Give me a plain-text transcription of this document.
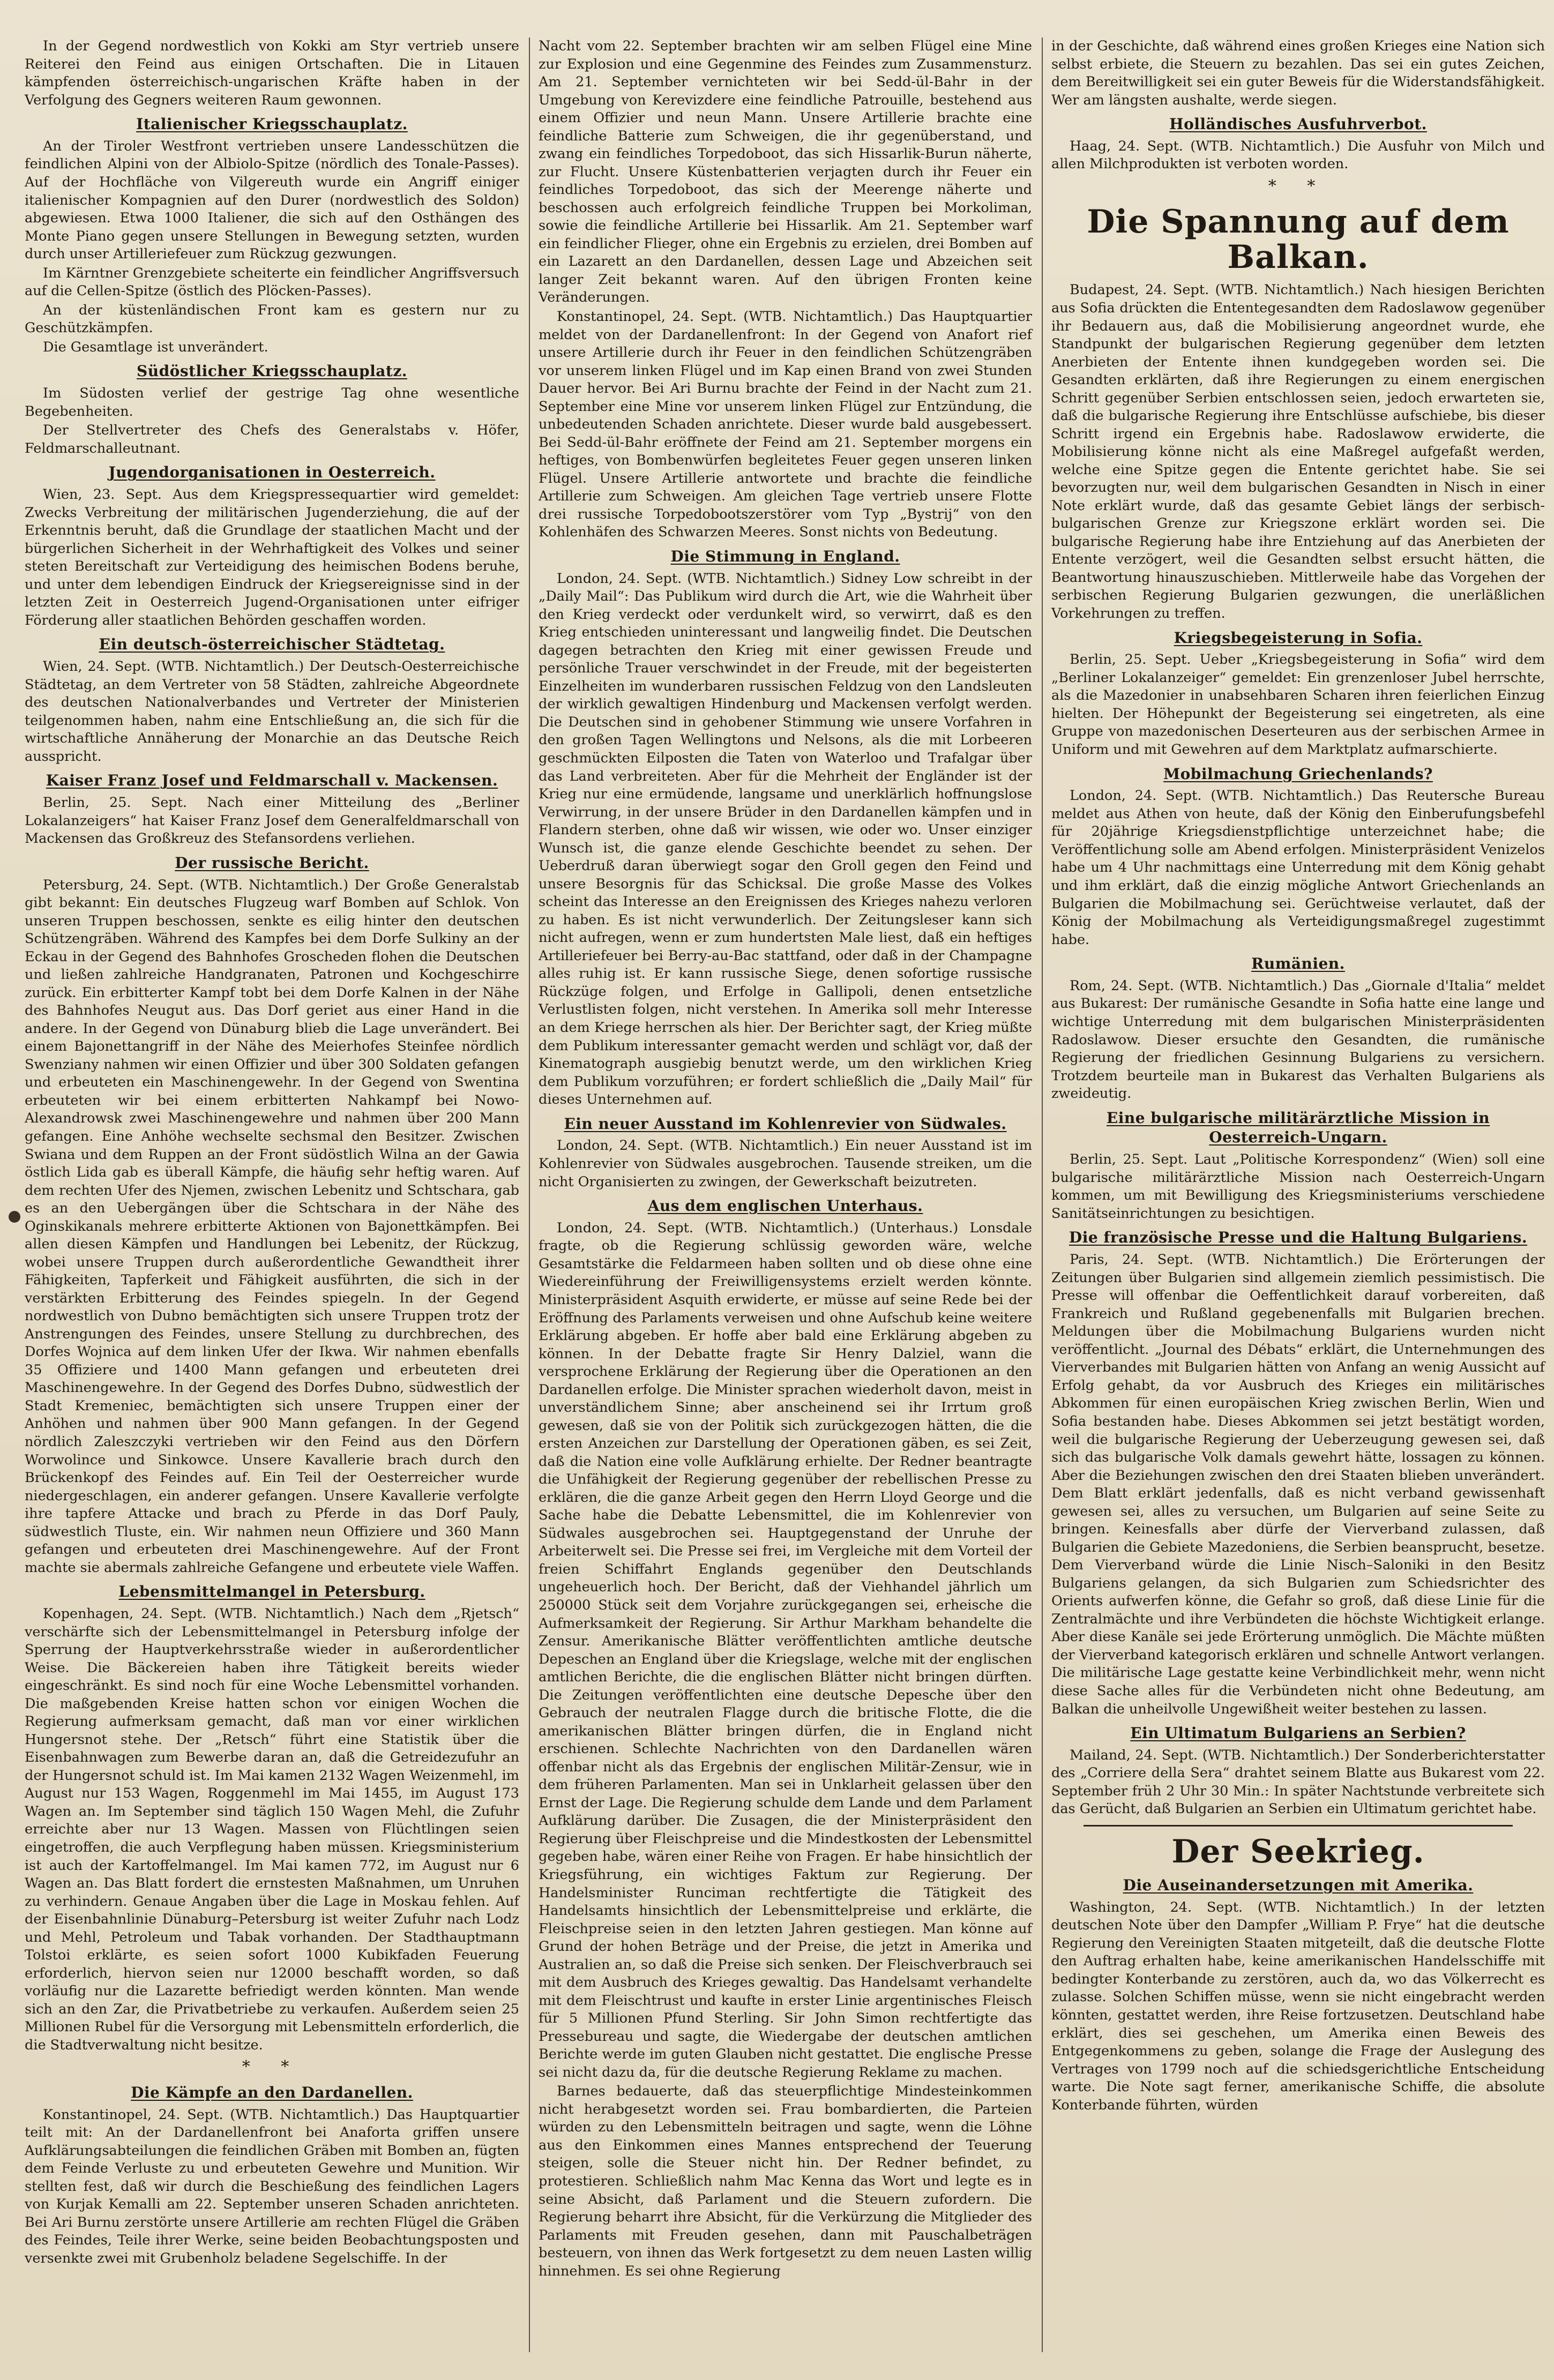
In der Gegend nordwestlich von Kokki am Styr vertrieb unsere Reiterei den Feind aus einigen Ortschaften. Die in Litauen kämpfenden österreichisch-ungarischen Kräfte haben in der Verfolgung des Gegners weiteren Raum gewonnen.

Italienischer Kriegsschauplatz.

An der Tiroler Westfront vertrieben unsere Landesschützen die feindlichen Alpini von der Albiolo-Spitze (nördlich des Tonale-Passes). Auf der Hochfläche von Vilgereuth wurde ein Angriff einiger italienischer Kompagnien auf den Durer (nordwestlich des Soldon) abgewiesen. Etwa 1000 Italiener, die sich auf den Osthängen des Monte Piano gegen unsere Stellungen in Bewegung setzten, wurden durch unser Artilleriefeuer zum Rückzug gezwungen.

Im Kärntner Grenzgebiete scheiterte ein feindlicher Angriffsversuch auf die Cellen-Spitze (östlich des Plöcken-Passes).

An der küstenländischen Front kam es gestern nur zu Geschützkämpfen.

Die Gesamtlage ist unverändert.

Südöstlicher Kriegsschauplatz.

Im Südosten verlief der gestrige Tag ohne wesentliche Begebenheiten.

Der Stellvertreter des Chefs des Generalstabs v. Höfer, Feldmarschalleutnant.

Jugendorganisationen in Oesterreich.

Wien, 23. Sept. Aus dem Kriegspressequartier wird gemeldet: Zwecks Verbreitung der militärischen Jugenderziehung, die auf der Erkenntnis beruht, daß die Grundlage der staatlichen Macht und der bürgerlichen Sicherheit in der Wehrhaftigkeit des Volkes und seiner steten Bereitschaft zur Verteidigung des heimischen Bodens beruhe, und unter dem lebendigen Eindruck der Kriegsereignisse sind in der letzten Zeit in Oesterreich Jugend-Organisationen unter eifriger Förderung aller staatlichen Behörden geschaffen worden.

Ein deutsch-österreichischer Städtetag.

Wien, 24. Sept. (WTB. Nichtamtlich.) Der Deutsch-Oesterreichische Städtetag, an dem Vertreter von 58 Städten, zahlreiche Abgeordnete des deutschen Nationalverbandes und Vertreter der Ministerien teilgenommen haben, nahm eine Entschließung an, die sich für die wirtschaftliche Annäherung der Monarchie an das Deutsche Reich ausspricht.

Kaiser Franz Josef und Feldmarschall v. Mackensen.

Berlin, 25. Sept. Nach einer Mitteilung des „Berliner Lokalanzeigers“ hat Kaiser Franz Josef dem Generalfeldmarschall von Mackensen das Großkreuz des Stefansordens verliehen.

Der russische Bericht.

Petersburg, 24. Sept. (WTB. Nichtamtlich.) Der Große Generalstab gibt bekannt: Ein deutsches Flugzeug warf Bomben auf Schlok. Von unseren Truppen beschossen, senkte es eilig hinter den deutschen Schützengräben. Während des Kampfes bei dem Dorfe Sulkiny an der Eckau in der Gegend des Bahnhofes Groscheden flohen die Deutschen und ließen zahlreiche Handgranaten, Patronen und Kochgeschirre zurück. Ein erbitterter Kampf tobt bei dem Dorfe Kalnen in der Nähe des Bahnhofes Neugut aus. Das Dorf geriet aus einer Hand in die andere. In der Gegend von Dünaburg blieb die Lage unverändert. Bei einem Bajonettangriff in der Nähe des Meierhofes Steinfee nördlich Swenziany nahmen wir einen Offizier und über 300 Soldaten gefangen und erbeuteten ein Maschinengewehr. In der Gegend von Swentina erbeuteten wir bei einem erbitterten Nahkampf bei Nowo-Alexandrowsk zwei Maschinengewehre und nahmen über 200 Mann gefangen. Eine Anhöhe wechselte sechsmal den Besitzer. Zwischen Swiana und dem Ruppen an der Front südöstlich Wilna an der Gawia östlich Lida gab es überall Kämpfe, die häufig sehr heftig waren. Auf dem rechten Ufer des Njemen, zwischen Lebenitz und Schtschara, gab es an den Uebergängen über die Schtschara in der Nähe des Oginskikanals mehrere erbitterte Aktionen von Bajonettkämpfen. Bei allen diesen Kämpfen und Handlungen bei Lebenitz, der Rückzug, wobei unsere Truppen durch außerordentliche Gewandtheit ihrer Fähigkeiten, Tapferkeit und Fähigkeit ausführten, die sich in der verstärkten Erbitterung des Feindes spiegeln. In der Gegend nordwestlich von Dubno bemächtigten sich unsere Truppen trotz der Anstrengungen des Feindes, unsere Stellung zu durchbrechen, des Dorfes Wojnica auf dem linken Ufer der Ikwa. Wir nahmen ebenfalls 35 Offiziere und 1400 Mann gefangen und erbeuteten drei Maschinengewehre. In der Gegend des Dorfes Dubno, südwestlich der Stadt Kremeniec, bemächtigten sich unsere Truppen einer der Anhöhen und nahmen über 900 Mann gefangen. In der Gegend nördlich Zaleszczyki vertrieben wir den Feind aus den Dörfern Worwolince und Sinkowce. Unsere Kavallerie brach durch den Brückenkopf des Feindes auf. Ein Teil der Oesterreicher wurde niedergeschlagen, ein anderer gefangen. Unsere Kavallerie verfolgte ihre tapfere Attacke und brach zu Pferde in das Dorf Pauly, südwestlich Tluste, ein. Wir nahmen neun Offiziere und 360 Mann gefangen und erbeuteten drei Maschinengewehre. Auf der Front machte sie abermals zahlreiche Gefangene und erbeutete viele Waffen.

Lebensmittelmangel in Petersburg.

Kopenhagen, 24. Sept. (WTB. Nichtamtlich.) Nach dem „Rjetsch“ verschärfte sich der Lebensmittelmangel in Petersburg infolge der Sperrung der Hauptverkehrsstraße wieder in außerordentlicher Weise. Die Bäckereien haben ihre Tätigkeit bereits wieder eingeschränkt. Es sind noch für eine Woche Lebensmittel vorhanden. Die maßgebenden Kreise hatten schon vor einigen Wochen die Regierung aufmerksam gemacht, daß man vor einer wirklichen Hungersnot stehe. Der „Retsch“ führt eine Statistik über die Eisenbahnwagen zum Bewerbe daran an, daß die Getreidezufuhr an der Hungersnot schuld ist. Im Mai kamen 2132 Wagen Weizenmehl, im August nur 153 Wagen, Roggenmehl im Mai 1455, im August 173 Wagen an. Im September sind täglich 150 Wagen Mehl, die Zufuhr erreichte aber nur 13 Wagen. Massen von Flüchtlingen seien eingetroffen, die auch Verpflegung haben müssen. Kriegsministerium ist auch der Kartoffelmangel. Im Mai kamen 772, im August nur 6 Wagen an. Das Blatt fordert die ernstesten Maßnahmen, um Unruhen zu verhindern. Genaue Angaben über die Lage in Moskau fehlen. Auf der Eisenbahnlinie Dünaburg–Petersburg ist weiter Zufuhr nach Lodz und Mehl, Petroleum und Tabak vorhanden. Der Stadthauptmann Tolstoi erklärte, es seien sofort 1000 Kubikfaden Feuerung erforderlich, hiervon seien nur 12000 beschafft worden, so daß vorläufig nur die Lazarette befriedigt werden könnten. Man wende sich an den Zar, die Privatbetriebe zu verkaufen. Außerdem seien 25 Millionen Rubel für die Versorgung mit Lebensmitteln erforderlich, die die Stadtverwaltung nicht besitze.

* *
Die Kämpfe an den Dardanellen.

Konstantinopel, 24. Sept. (WTB. Nichtamtlich.) Das Hauptquartier teilt mit: An der Dardanellenfront bei Anaforta griffen unsere Aufklärungsabteilungen die feindlichen Gräben mit Bomben an, fügten dem Feinde Verluste zu und erbeuteten Gewehre und Munition. Wir stellten fest, daß wir durch die Beschießung des feindlichen Lagers von Kurjak Kemalli am 22. September unseren Schaden anrichteten. Bei Ari Burnu zerstörte unsere Artillerie am rechten Flügel die Gräben des Feindes, Teile ihrer Werke, seine beiden Beobachtungsposten und versenkte zwei mit Grubenholz beladene Segelschiffe. In der

Nacht vom 22. September brachten wir am selben Flügel eine Mine zur Explosion und eine Gegenmine des Feindes zum Zusammensturz. Am 21. September vernichteten wir bei Sedd-ül-Bahr in der Umgebung von Kerevizdere eine feindliche Patrouille, bestehend aus einem Offizier und neun Mann. Unsere Artillerie brachte eine feindliche Batterie zum Schweigen, die ihr gegenüberstand, und zwang ein feindliches Torpedoboot, das sich Hissarlik-Burun näherte, zur Flucht. Unsere Küstenbatterien verjagten durch ihr Feuer ein feindliches Torpedoboot, das sich der Meerenge näherte und beschossen auch erfolgreich feindliche Truppen bei Morkoliman, sowie die feindliche Artillerie bei Hissarlik. Am 21. September warf ein feindlicher Flieger, ohne ein Ergebnis zu erzielen, drei Bomben auf ein Lazarett an den Dardanellen, dessen Lage und Abzeichen seit langer Zeit bekannt waren. Auf den übrigen Fronten keine Veränderungen.

Konstantinopel, 24. Sept. (WTB. Nichtamtlich.) Das Hauptquartier meldet von der Dardanellenfront: In der Gegend von Anafort rief unsere Artillerie durch ihr Feuer in den feindlichen Schützengräben vor unserem linken Flügel und im Kap einen Brand von zwei Stunden Dauer hervor. Bei Ari Burnu brachte der Feind in der Nacht zum 21. September eine Mine vor unserem linken Flügel zur Entzündung, die unbedeutenden Schaden anrichtete. Dieser wurde bald ausgebessert. Bei Sedd-ül-Bahr eröffnete der Feind am 21. September morgens ein heftiges, von Bombenwürfen begleitetes Feuer gegen unseren linken Flügel. Unsere Artillerie antwortete und brachte die feindliche Artillerie zum Schweigen. Am gleichen Tage vertrieb unsere Flotte drei russische Torpedobootszerstörer vom Typ „Bystrij“ von den Kohlenhäfen des Schwarzen Meeres. Sonst nichts von Bedeutung.

Die Stimmung in England.

London, 24. Sept. (WTB. Nichtamtlich.) Sidney Low schreibt in der „Daily Mail“: Das Publikum wird durch die Art, wie die Wahrheit über den Krieg verdeckt oder verdunkelt wird, so verwirrt, daß es den Krieg entschieden uninteressant und langweilig findet. Die Deutschen dagegen betrachten den Krieg mit einer gewissen Freude und persönliche Trauer verschwindet in der Freude, mit der begeisterten Einzelheiten im wunderbaren russischen Feldzug von den Landsleuten der wirklich gewaltigen Hindenburg und Mackensen verfolgt werden. Die Deutschen sind in gehobener Stimmung wie unsere Vorfahren in den großen Tagen Wellingtons und Nelsons, als die mit Lorbeeren geschmückten Eilposten die Taten von Waterloo und Trafalgar über das Land verbreiteten. Aber für die Mehrheit der Engländer ist der Krieg nur eine ermüdende, langsame und unerklärlich hoffnungslose Verwirrung, in der unsere Brüder in den Dardanellen kämpfen und in Flandern sterben, ohne daß wir wissen, wie oder wo. Unser einziger Wunsch ist, die ganze elende Geschichte beendet zu sehen. Der Ueberdruß daran überwiegt sogar den Groll gegen den Feind und unsere Besorgnis für das Schicksal. Die große Masse des Volkes scheint das Interesse an den Ereignissen des Krieges nahezu verloren zu haben. Es ist nicht verwunderlich. Der Zeitungsleser kann sich nicht aufregen, wenn er zum hundertsten Male liest, daß ein heftiges Artilleriefeuer bei Berry-au-Bac stattfand, oder daß in der Champagne alles ruhig ist. Er kann russische Siege, denen sofortige russische Rückzüge folgen, und Erfolge in Gallipoli, denen entsetzliche Verlustlisten folgen, nicht verstehen. In Amerika soll mehr Interesse an dem Kriege herrschen als hier. Der Berichter sagt, der Krieg müßte dem Publikum interessanter gemacht werden und schlägt vor, daß der Kinematograph ausgiebig benutzt werde, um den wirklichen Krieg dem Publikum vorzuführen; er fordert schließlich die „Daily Mail“ für dieses Unternehmen auf.

Ein neuer Ausstand im Kohlenrevier von Südwales.

London, 24. Sept. (WTB. Nichtamtlich.) Ein neuer Ausstand ist im Kohlenrevier von Südwales ausgebrochen. Tausende streiken, um die nicht Organisierten zu zwingen, der Gewerkschaft beizutreten.

Aus dem englischen Unterhaus.

London, 24. Sept. (WTB. Nichtamtlich.) (Unterhaus.) Lonsdale fragte, ob die Regierung schlüssig geworden wäre, welche Gesamtstärke die Feldarmeen haben sollten und ob diese ohne eine Wiedereinführung der Freiwilligensystems erzielt werden könnte. Ministerpräsident Asquith erwiderte, er müsse auf seine Rede bei der Eröffnung des Parlaments verweisen und ohne Aufschub keine weitere Erklärung abgeben. Er hoffe aber bald eine Erklärung abgeben zu können. In der Debatte fragte Sir Henry Dalziel, wann die versprochene Erklärung der Regierung über die Operationen an den Dardanellen erfolge. Die Minister sprachen wiederholt davon, meist in unverständlichem Sinne; aber anscheinend sei ihr Irrtum groß gewesen, daß sie von der Politik sich zurückgezogen hätten, die die ersten Anzeichen zur Darstellung der Operationen gäben, es sei Zeit, daß die Nation eine volle Aufklärung erhielte. Der Redner beantragte die Unfähigkeit der Regierung gegenüber der rebellischen Presse zu erklären, die die ganze Arbeit gegen den Herrn Lloyd George und die Sache habe die Debatte Lebensmittel, die im Kohlenrevier von Südwales ausgebrochen sei. Hauptgegenstand der Unruhe der Arbeiterwelt sei. Die Presse sei frei, im Vergleiche mit dem Vorteil der freien Schiffahrt Englands gegenüber den Deutschlands ungeheuerlich hoch. Der Bericht, daß der Viehhandel jährlich um 250000 Stück seit dem Vorjahre zurückgegangen sei, erheische die Aufmerksamkeit der Regierung. Sir Arthur Markham behandelte die Zensur. Amerikanische Blätter veröffentlichten amtliche deutsche Depeschen an England über die Kriegslage, welche mit der englischen amtlichen Berichte, die die englischen Blätter nicht bringen dürften. Die Zeitungen veröffentlichten eine deutsche Depesche über den Gebrauch der neutralen Flagge durch die britische Flotte, die die amerikanischen Blätter bringen dürfen, die in England nicht erschienen. Schlechte Nachrichten von den Dardanellen wären offenbar nicht als das Ergebnis der englischen Militär-Zensur, wie in dem früheren Parlamenten. Man sei in Unklarheit gelassen über den Ernst der Lage. Die Regierung schulde dem Lande und dem Parlament Aufklärung darüber. Die Zusagen, die der Ministerpräsident den Regierung über Fleischpreise und die Mindestkosten der Lebensmittel gegeben habe, wären einer Reihe von Fragen. Er habe hinsichtlich der Kriegsführung, ein wichtiges Faktum zur Regierung. Der Handelsminister Runciman rechtfertigte die Tätigkeit des Handelsamts hinsichtlich der Lebensmittelpreise und erklärte, die Fleischpreise seien in den letzten Jahren gestiegen. Man könne auf Grund der hohen Beträge und der Preise, die jetzt in Amerika und Australien an, so daß die Preise sich senken. Der Fleischverbrauch sei mit dem Ausbruch des Krieges gewaltig. Das Handelsamt verhandelte mit dem Fleischtrust und kaufte in erster Linie argentinisches Fleisch für 5 Millionen Pfund Sterling. Sir John Simon rechtfertigte das Pressebureau und sagte, die Wiedergabe der deutschen amtlichen Berichte werde im guten Glauben nicht gestattet. Die englische Presse sei nicht dazu da, für die deutsche Regierung Reklame zu machen.

Barnes bedauerte, daß das steuerpflichtige Mindesteinkommen nicht herabgesetzt worden sei. Frau bombardierten, die Parteien würden zu den Lebensmitteln beitragen und sagte, wenn die Löhne aus den Einkommen eines Mannes entsprechend der Teuerung steigen, solle die Steuer nicht hin. Der Redner befindet, zu protestieren. Schließlich nahm Mac Kenna das Wort und legte es in seine Absicht, daß Parlament und die Steuern zufordern. Die Regierung beharrt ihre Absicht, für die Verkürzung die Mitglieder des Parlaments mit Freuden gesehen, dann mit Pauschalbeträgen besteuern, von ihnen das Werk fortgesetzt zu dem neuen Lasten willig hinnehmen. Es sei ohne Regierung

in der Geschichte, daß während eines großen Krieges eine Nation sich selbst erbiete, die Steuern zu bezahlen. Das sei ein gutes Zeichen, dem Bereitwilligkeit sei ein guter Beweis für die Widerstandsfähigkeit. Wer am längsten aushalte, werde siegen.

Holländisches Ausfuhrverbot.

Haag, 24. Sept. (WTB. Nichtamtlich.) Die Ausfuhr von Milch und allen Milchprodukten ist verboten worden.

* *
Die Spannung auf dem Balkan.

Budapest, 24. Sept. (WTB. Nichtamtlich.) Nach hiesigen Berichten aus Sofia drückten die Ententegesandten dem Radoslawow gegenüber ihr Bedauern aus, daß die Mobilisierung angeordnet wurde, ehe Standpunkt der bulgarischen Regierung gegenüber dem letzten Anerbieten der Entente ihnen kundgegeben worden sei. Die Gesandten erklärten, daß ihre Regierungen zu einem energischen Schritt gegenüber Serbien entschlossen seien, jedoch erwarteten sie, daß die bulgarische Regierung ihre Entschlüsse aufschiebe, bis dieser Schritt irgend ein Ergebnis habe. Radoslawow erwiderte, die Mobilisierung könne nicht als eine Maßregel aufgefaßt werden, welche eine Spitze gegen die Entente gerichtet habe. Sie sei bevorzugten nur, weil dem bulgarischen Gesandten in Nisch in einer Note erklärt wurde, daß das gesamte Gebiet längs der serbisch-bulgarischen Grenze zur Kriegszone erklärt worden sei. Die bulgarische Regierung habe ihre Entziehung auf das Anerbieten der Entente verzögert, weil die Gesandten selbst ersucht hätten, die Beantwortung hinauszuschieben. Mittlerweile habe das Vorgehen der serbischen Regierung Bulgarien gezwungen, die unerläßlichen Vorkehrungen zu treffen.

Kriegsbegeisterung in Sofia.

Berlin, 25. Sept. Ueber „Kriegsbegeisterung in Sofia“ wird dem „Berliner Lokalanzeiger“ gemeldet: Ein grenzenloser Jubel herrschte, als die Mazedonier in unabsehbaren Scharen ihren feierlichen Einzug hielten. Der Höhepunkt der Begeisterung sei eingetreten, als eine Gruppe von mazedonischen Deserteuren aus der serbischen Armee in Uniform und mit Gewehren auf dem Marktplatz aufmarschierte.

Mobilmachung Griechenlands?

London, 24. Sept. (WTB. Nichtamtlich.) Das Reutersche Bureau meldet aus Athen von heute, daß der König den Einberufungsbefehl für 20jährige Kriegsdienstpflichtige unterzeichnet habe; die Veröffentlichung solle am Abend erfolgen. Ministerpräsident Venizelos habe um 4 Uhr nachmittags eine Unterredung mit dem König gehabt und ihm erklärt, daß die einzig mögliche Antwort Griechenlands an Bulgarien die Mobilmachung sei. Gerüchtweise verlautet, daß der König der Mobilmachung als Verteidigungsmaßregel zugestimmt habe.

Rumänien.

Rom, 24. Sept. (WTB. Nichtamtlich.) Das „Giornale d'Italia“ meldet aus Bukarest: Der rumänische Gesandte in Sofia hatte eine lange und wichtige Unterredung mit dem bulgarischen Ministerpräsidenten Radoslawow. Dieser ersuchte den Gesandten, die rumänische Regierung der friedlichen Gesinnung Bulgariens zu versichern. Trotzdem beurteile man in Bukarest das Verhalten Bulgariens als zweideutig.

Eine bulgarische militärärztliche Mission in Oesterreich-Ungarn.

Berlin, 25. Sept. Laut „Politische Korrespondenz“ (Wien) soll eine bulgarische militärärztliche Mission nach Oesterreich-Ungarn kommen, um mit Bewilligung des Kriegsministeriums verschiedene Sanitätseinrichtungen zu besichtigen.

Die französische Presse und die Haltung Bulgariens.

Paris, 24. Sept. (WTB. Nichtamtlich.) Die Erörterungen der Zeitungen über Bulgarien sind allgemein ziemlich pessimistisch. Die Presse will offenbar die Oeffentlichkeit darauf vorbereiten, daß Frankreich und Rußland gegebenenfalls mit Bulgarien brechen. Meldungen über die Mobilmachung Bulgariens wurden nicht veröffentlicht. „Journal des Débats“ erklärt, die Unternehmungen des Vierverbandes mit Bulgarien hätten von Anfang an wenig Aussicht auf Erfolg gehabt, da vor Ausbruch des Krieges ein militärisches Abkommen für einen europäischen Krieg zwischen Berlin, Wien und Sofia bestanden habe. Dieses Abkommen sei jetzt bestätigt worden, weil die bulgarische Regierung der Ueberzeugung gewesen sei, daß sich das bulgarische Volk damals gewehrt hätte, lossagen zu können. Aber die Beziehungen zwischen den drei Staaten blieben unverändert. Dem Blatt erklärt jedenfalls, daß es nicht verband gewissenhaft gewesen sei, alles zu versuchen, um Bulgarien auf seine Seite zu bringen. Keinesfalls aber dürfe der Vierverband zulassen, daß Bulgarien die Gebiete Mazedoniens, die Serbien beansprucht, besetze. Dem Vierverband würde die Linie Nisch–Saloniki in den Besitz Bulgariens gelangen, da sich Bulgarien zum Schiedsrichter des Orients aufwerfen könne, die Gefahr so groß, daß diese Linie für die Zentralmächte und ihre Verbündeten die höchste Wichtigkeit erlange. Aber diese Kanäle sei jede Erörterung unmöglich. Die Mächte müßten der Vierverband kategorisch erklären und schnelle Antwort verlangen. Die militärische Lage gestatte keine Verbindlichkeit mehr, wenn nicht diese Sache alles für die Verbündeten nicht ohne Bedeutung, am Balkan die unheilvolle Ungewißheit weiter bestehen zu lassen.

Ein Ultimatum Bulgariens an Serbien?

Mailand, 24. Sept. (WTB. Nichtamtlich.) Der Sonderberichterstatter des „Corriere della Sera“ drahtet seinem Blatte aus Bukarest vom 22. September früh 2 Uhr 30 Min.: In später Nachtstunde verbreitete sich das Gerücht, daß Bulgarien an Serbien ein Ultimatum gerichtet habe.

Der Seekrieg.
Die Auseinandersetzungen mit Amerika.

Washington, 24. Sept. (WTB. Nichtamtlich.) In der letzten deutschen Note über den Dampfer „William P. Frye“ hat die deutsche Regierung den Vereinigten Staaten mitgeteilt, daß die deutsche Flotte den Auftrag erhalten habe, keine amerikanischen Handelsschiffe mit bedingter Konterbande zu zerstören, auch da, wo das Völkerrecht es zulasse. Solchen Schiffen müsse, wenn sie nicht eingebracht werden könnten, gestattet werden, ihre Reise fortzusetzen. Deutschland habe erklärt, dies sei geschehen, um Amerika einen Beweis des Entgegenkommens zu geben, solange die Frage der Auslegung des Vertrages von 1799 noch auf die schiedsgerichtliche Entscheidung warte. Die Note sagt ferner, amerikanische Schiffe, die absolute Konterbande führten, würden
